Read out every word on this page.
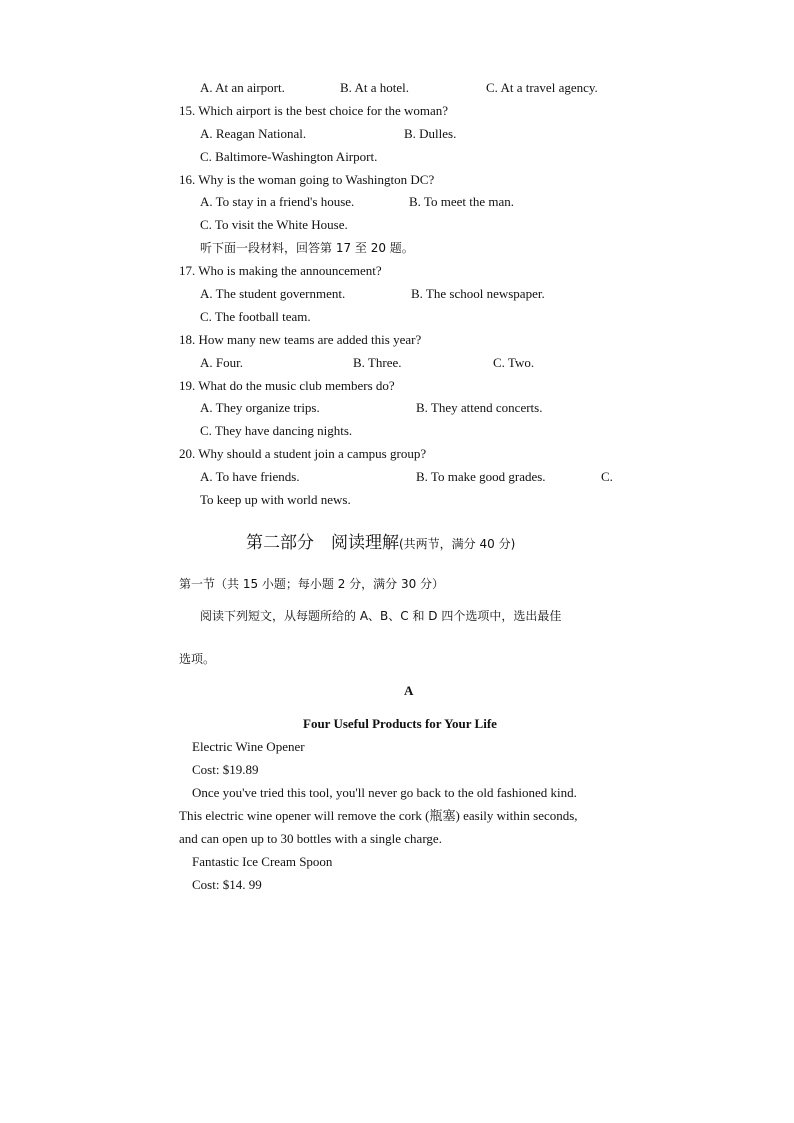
A. At an airport.	B. At a hotel.	C. At a travel agency.
15. Which airport is the best choice for the woman?
A. Reagan National.	B. Dulles.
C. Baltimore-Washington Airport.
16. Why is the woman going to Washington DC?
A. To stay in a friend's house.	B. To meet the man.
C. To visit the White House.
听下面一段材料，回答第 17 至 20 题。
17. Who is making the announcement?
A. The student government.	B. The school newspaper.
C. The football team.
18. How many new teams are added this year?
A. Four.	B. Three.	C. Two.
19. What do the music club members do?
A. They organize trips.	B. They attend concerts.
C. They have dancing nights.
20. Why should a student join a campus group?
A. To have friends.	B. To make good grades.	C.
To keep up with world news.
第二部分　阅读理解(共两节，满分 40 分)
第一节（共 15 小题；每小题 2 分，满分 30 分）
阅读下列短文，从每题所给的 A、B、C 和 D 四个选项中，选出最佳
选项。
A
Four Useful Products for Your Life
Electric Wine Opener
Cost: $19.89
Once you've tried this tool, you'll never go back to the old fashioned kind.
This electric wine opener will remove the cork (瓶塞) easily within seconds,
and can open up to 30 bottles with a single charge.
Fantastic Ice Cream Spoon
Cost: $14. 99
